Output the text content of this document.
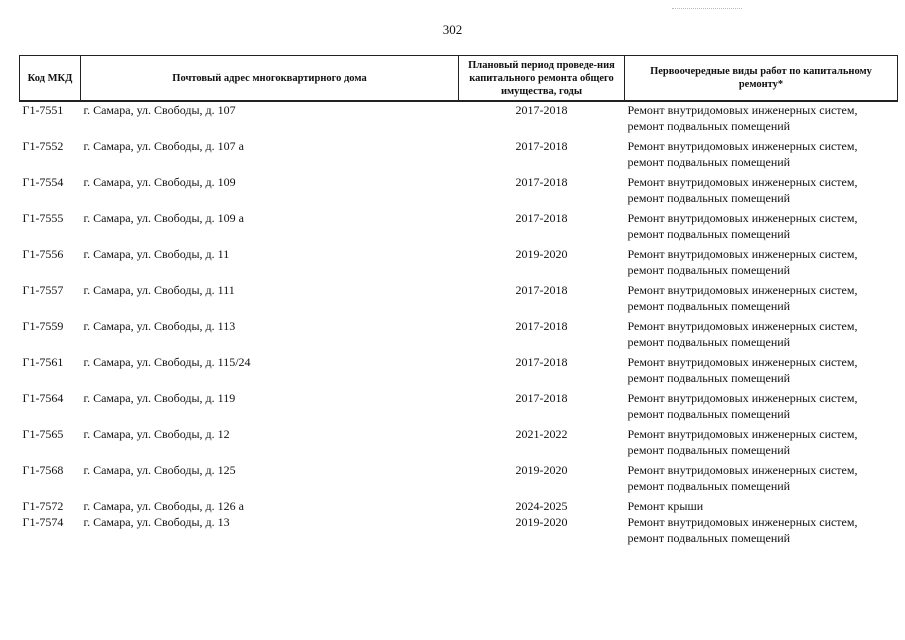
302
Код МКД	Почтовый адрес многоквартирного дома	Плановый период проведе-ния капитального ремонта общего имущества, годы	Первоочередные виды работ по капитальному ремонту*
Г1-7551	г. Самара, ул. Свободы, д. 107	2017-2018	Ремонт внутридомовых инженерных систем,
ремонт подвальных помещений

Г1-7552	г. Самара, ул. Свободы, д. 107 а	2017-2018	Ремонт внутридомовых инженерных систем,
ремонт подвальных помещений

Г1-7554	г. Самара, ул. Свободы, д. 109	2017-2018	Ремонт внутридомовых инженерных систем,
ремонт подвальных помещений

Г1-7555	г. Самара, ул. Свободы, д. 109 а	2017-2018	Ремонт внутридомовых инженерных систем,
ремонт подвальных помещений

Г1-7556	г. Самара, ул. Свободы, д. 11	2019-2020	Ремонт внутридомовых инженерных систем,
ремонт подвальных помещений

Г1-7557	г. Самара, ул. Свободы, д. 111	2017-2018	Ремонт внутридомовых инженерных систем,
ремонт подвальных помещений

Г1-7559	г. Самара, ул. Свободы, д. 113	2017-2018	Ремонт внутридомовых инженерных систем,
ремонт подвальных помещений

Г1-7561	г. Самара, ул. Свободы, д. 115/24	2017-2018	Ремонт внутридомовых инженерных систем,
ремонт подвальных помещений

Г1-7564	г. Самара, ул. Свободы, д. 119	2017-2018	Ремонт внутридомовых инженерных систем,
ремонт подвальных помещений

Г1-7565	г. Самара, ул. Свободы, д. 12	2021-2022	Ремонт внутридомовых инженерных систем,
ремонт подвальных помещений

Г1-7568	г. Самара, ул. Свободы, д. 125	2019-2020	Ремонт внутридомовых инженерных систем,
ремонт подвальных помещений

Г1-7572	г. Самара, ул. Свободы, д. 126 а	2024-2025	Ремонт крыши

Г1-7574	г. Самара, ул. Свободы, д. 13	2019-2020	Ремонт внутридомовых инженерных систем,
ремонт подвальных помещений
